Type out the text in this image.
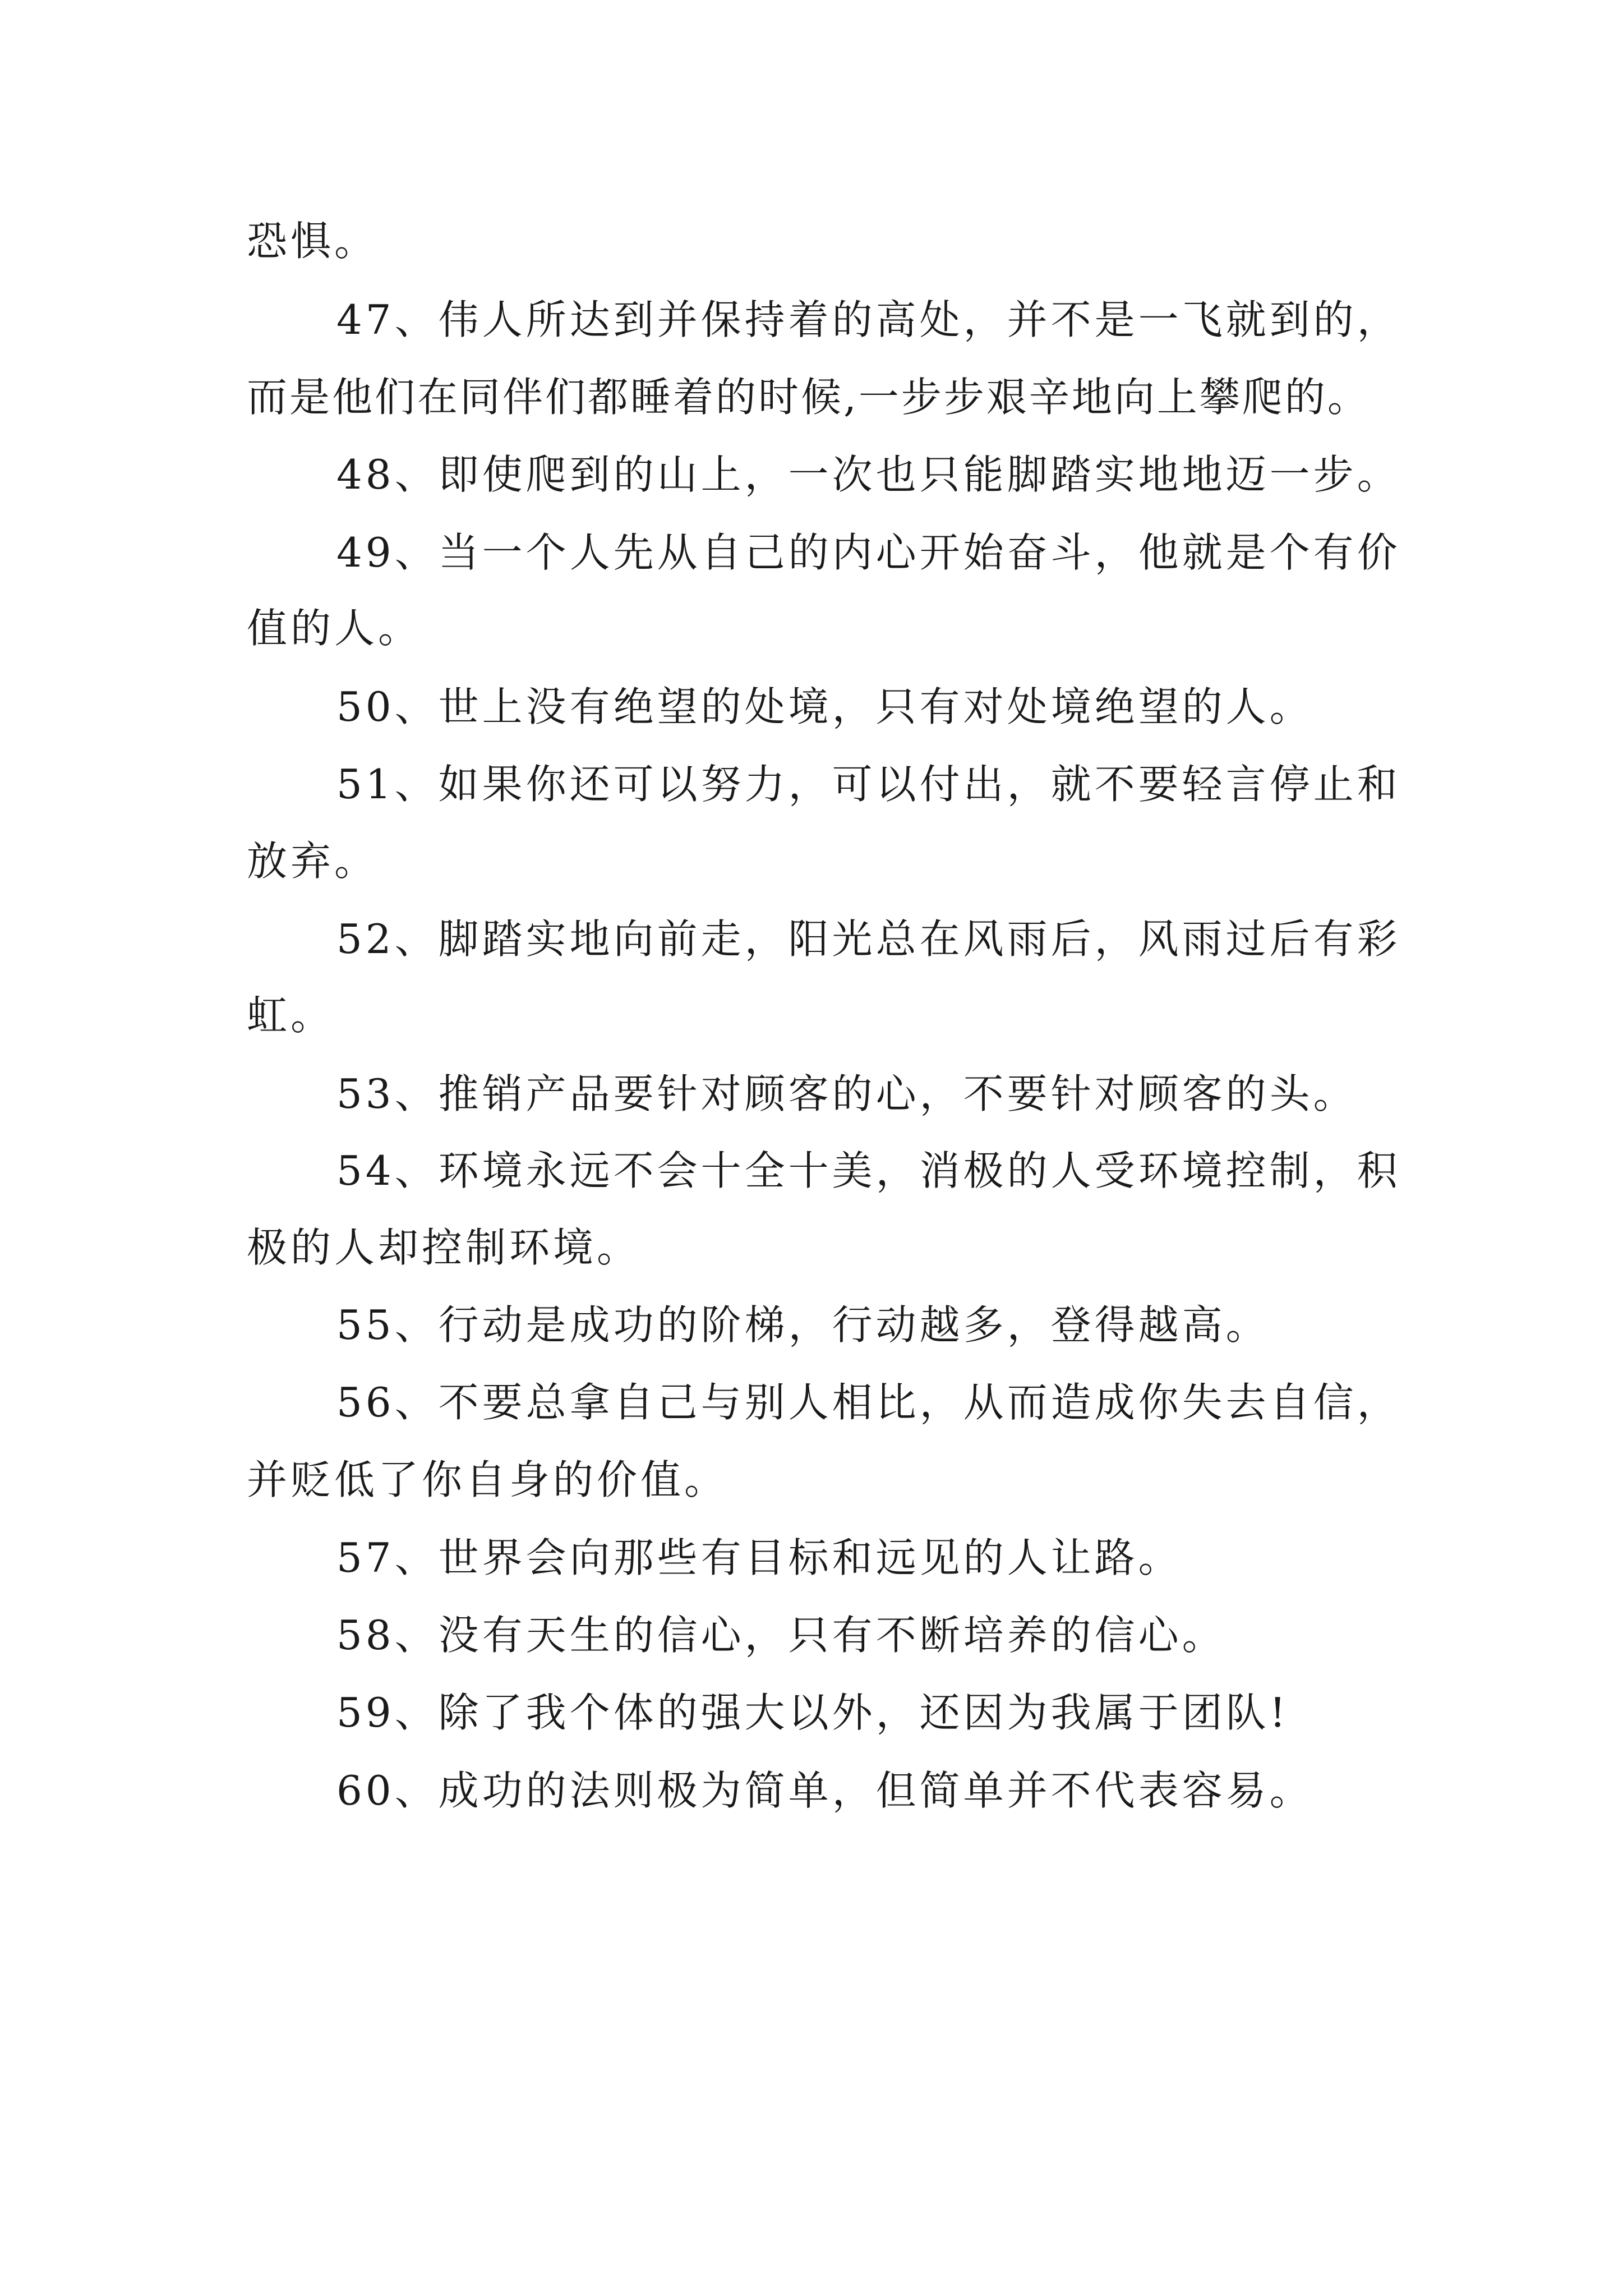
恐惧。
47、伟人所达到并保持着的高处，并不是一飞就到的，
而是他们在同伴们都睡着的时候,一步步艰辛地向上攀爬的。
48、即使爬到的山上，一次也只能脚踏实地地迈一步。
49、当一个人先从自己的内心开始奋斗，他就是个有价
值的人。
50、世上没有绝望的处境，只有对处境绝望的人。
51、如果你还可以努力，可以付出，就不要轻言停止和
放弃。
52、脚踏实地向前走，阳光总在风雨后，风雨过后有彩
虹。
53、推销产品要针对顾客的心，不要针对顾客的头。
54、环境永远不会十全十美，消极的人受环境控制，积
极的人却控制环境。
55、行动是成功的阶梯，行动越多，登得越高。
56、不要总拿自己与别人相比，从而造成你失去自信，
并贬低了你自身的价值。
57、世界会向那些有目标和远见的人让路。
58、没有天生的信心，只有不断培养的信心。
59、除了我个体的强大以外，还因为我属于团队!
60、成功的法则极为简单，但简单并不代表容易。
